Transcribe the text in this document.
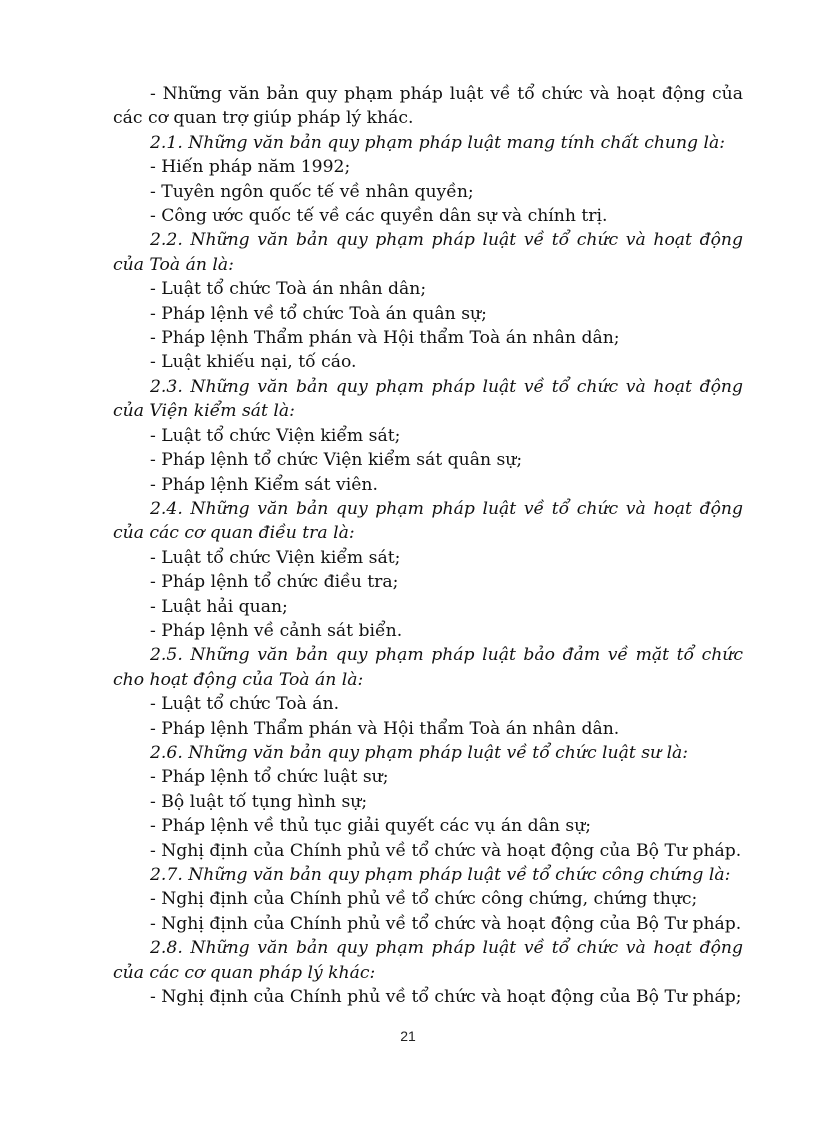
- Những văn bản quy phạm pháp luật về tổ chức và hoạt động của các cơ quan trợ giúp pháp lý khác.

2.1. Những văn bản quy phạm pháp luật mang tính chất chung là:

- Hiến pháp năm 1992;

- Tuyên ngôn quốc tế về nhân quyền;

- Công ước quốc tế về các quyền dân sự và chính trị.

2.2. Những văn bản quy phạm pháp luật về tổ chức và hoạt động của Toà án là:

- Luật tổ chức Toà án nhân dân;

- Pháp lệnh về tổ chức Toà án quân sự;

- Pháp lệnh Thẩm phán và Hội thẩm Toà án nhân dân;

- Luật khiếu nại, tố cáo.

2.3. Những văn bản quy phạm pháp luật về tổ chức và hoạt động của Viện kiểm sát là:

- Luật tổ chức Viện kiểm sát;

- Pháp lệnh tổ chức Viện kiểm sát quân sự;

- Pháp lệnh Kiểm sát viên.

2.4. Những văn bản quy phạm pháp luật về tổ chức và hoạt động của các cơ quan điều tra là:

- Luật tổ chức Viện kiểm sát;

- Pháp lệnh tổ chức điều tra;

- Luật hải quan;

- Pháp lệnh về cảnh sát biển.

2.5. Những văn bản quy phạm pháp luật bảo đảm về mặt tổ chức cho hoạt động của Toà án là:

- Luật tổ chức Toà án.

- Pháp lệnh Thẩm phán và Hội thẩm Toà án nhân dân.

2.6. Những văn bản quy phạm pháp luật về tổ chức luật sư là:

- Pháp lệnh tổ chức luật sư;

- Bộ luật tố tụng hình sự;

- Pháp lệnh về thủ tục giải quyết các vụ án dân sự;

- Nghị định của Chính phủ về tổ chức và hoạt động của Bộ Tư pháp.

2.7. Những văn bản quy phạm pháp luật về tổ chức công chứng là:

- Nghị định của Chính phủ về tổ chức công chứng, chứng thực;

- Nghị định của Chính phủ về tổ chức và hoạt động của Bộ Tư pháp.

2.8. Những văn bản quy phạm pháp luật về tổ chức và hoạt động của các cơ quan pháp lý khác:

- Nghị định của Chính phủ về tổ chức và hoạt động của Bộ Tư pháp;

21
